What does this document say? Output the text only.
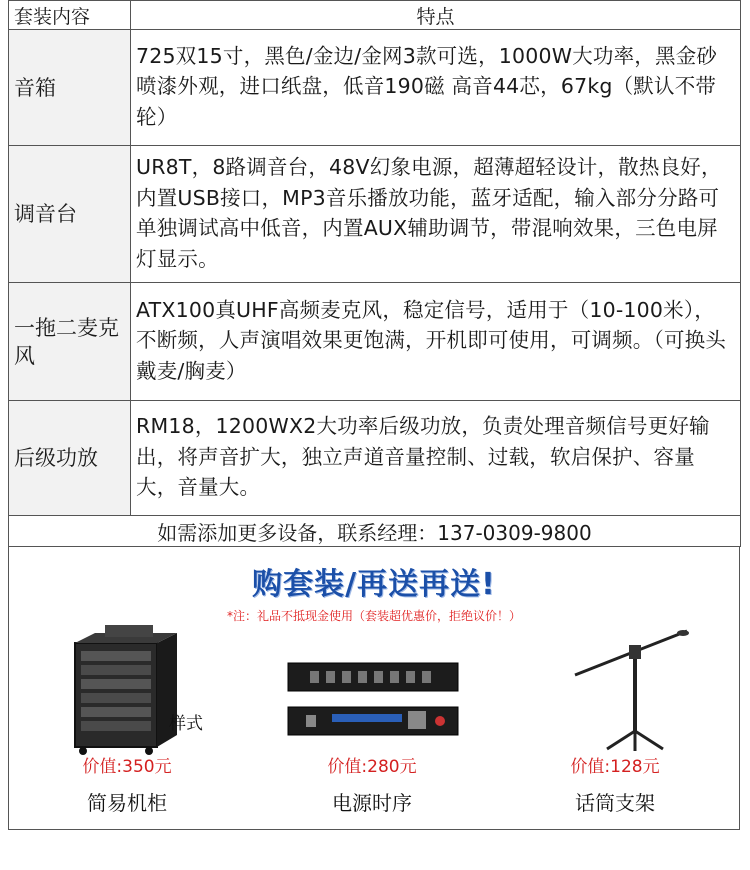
套装内容	特点
音箱	725双15寸，黑色/金边/金网3款可选，1000W大功率，黑金砂喷漆外观，进口纸盘，低音190磁 高音44芯，67kg（默认不带轮）
调音台	UR8T，8路调音台，48V幻象电源，超薄超轻设计，散热良好，内置USB接口，MP3音乐播放功能，蓝牙适配，输入部分分路可单独调试高中低音，内置AUX辅助调节，带混响效果，三色电屏灯显示。
一拖二麦克风	ATX100真UHF高频麦克风，稳定信号，适用于（10-100米），不断频，人声演唱效果更饱满，开机即可使用，可调频。（可换头戴麦/胸麦）
后级功放	RM18，1200WX2大功率后级功放，负责处理音频信号更好输出，将声音扩大，独立声道音量控制、过载，软启保护、容量大，音量大。
如需添加更多设备，联系经理：137-0309-9800	
购套装/再送再送!
*注：礼品不抵现金使用（套装超优惠价，拒绝议价！）
样式
价值:350元
简易机柜
价值:280元
电源时序
价值:128元
话筒支架
